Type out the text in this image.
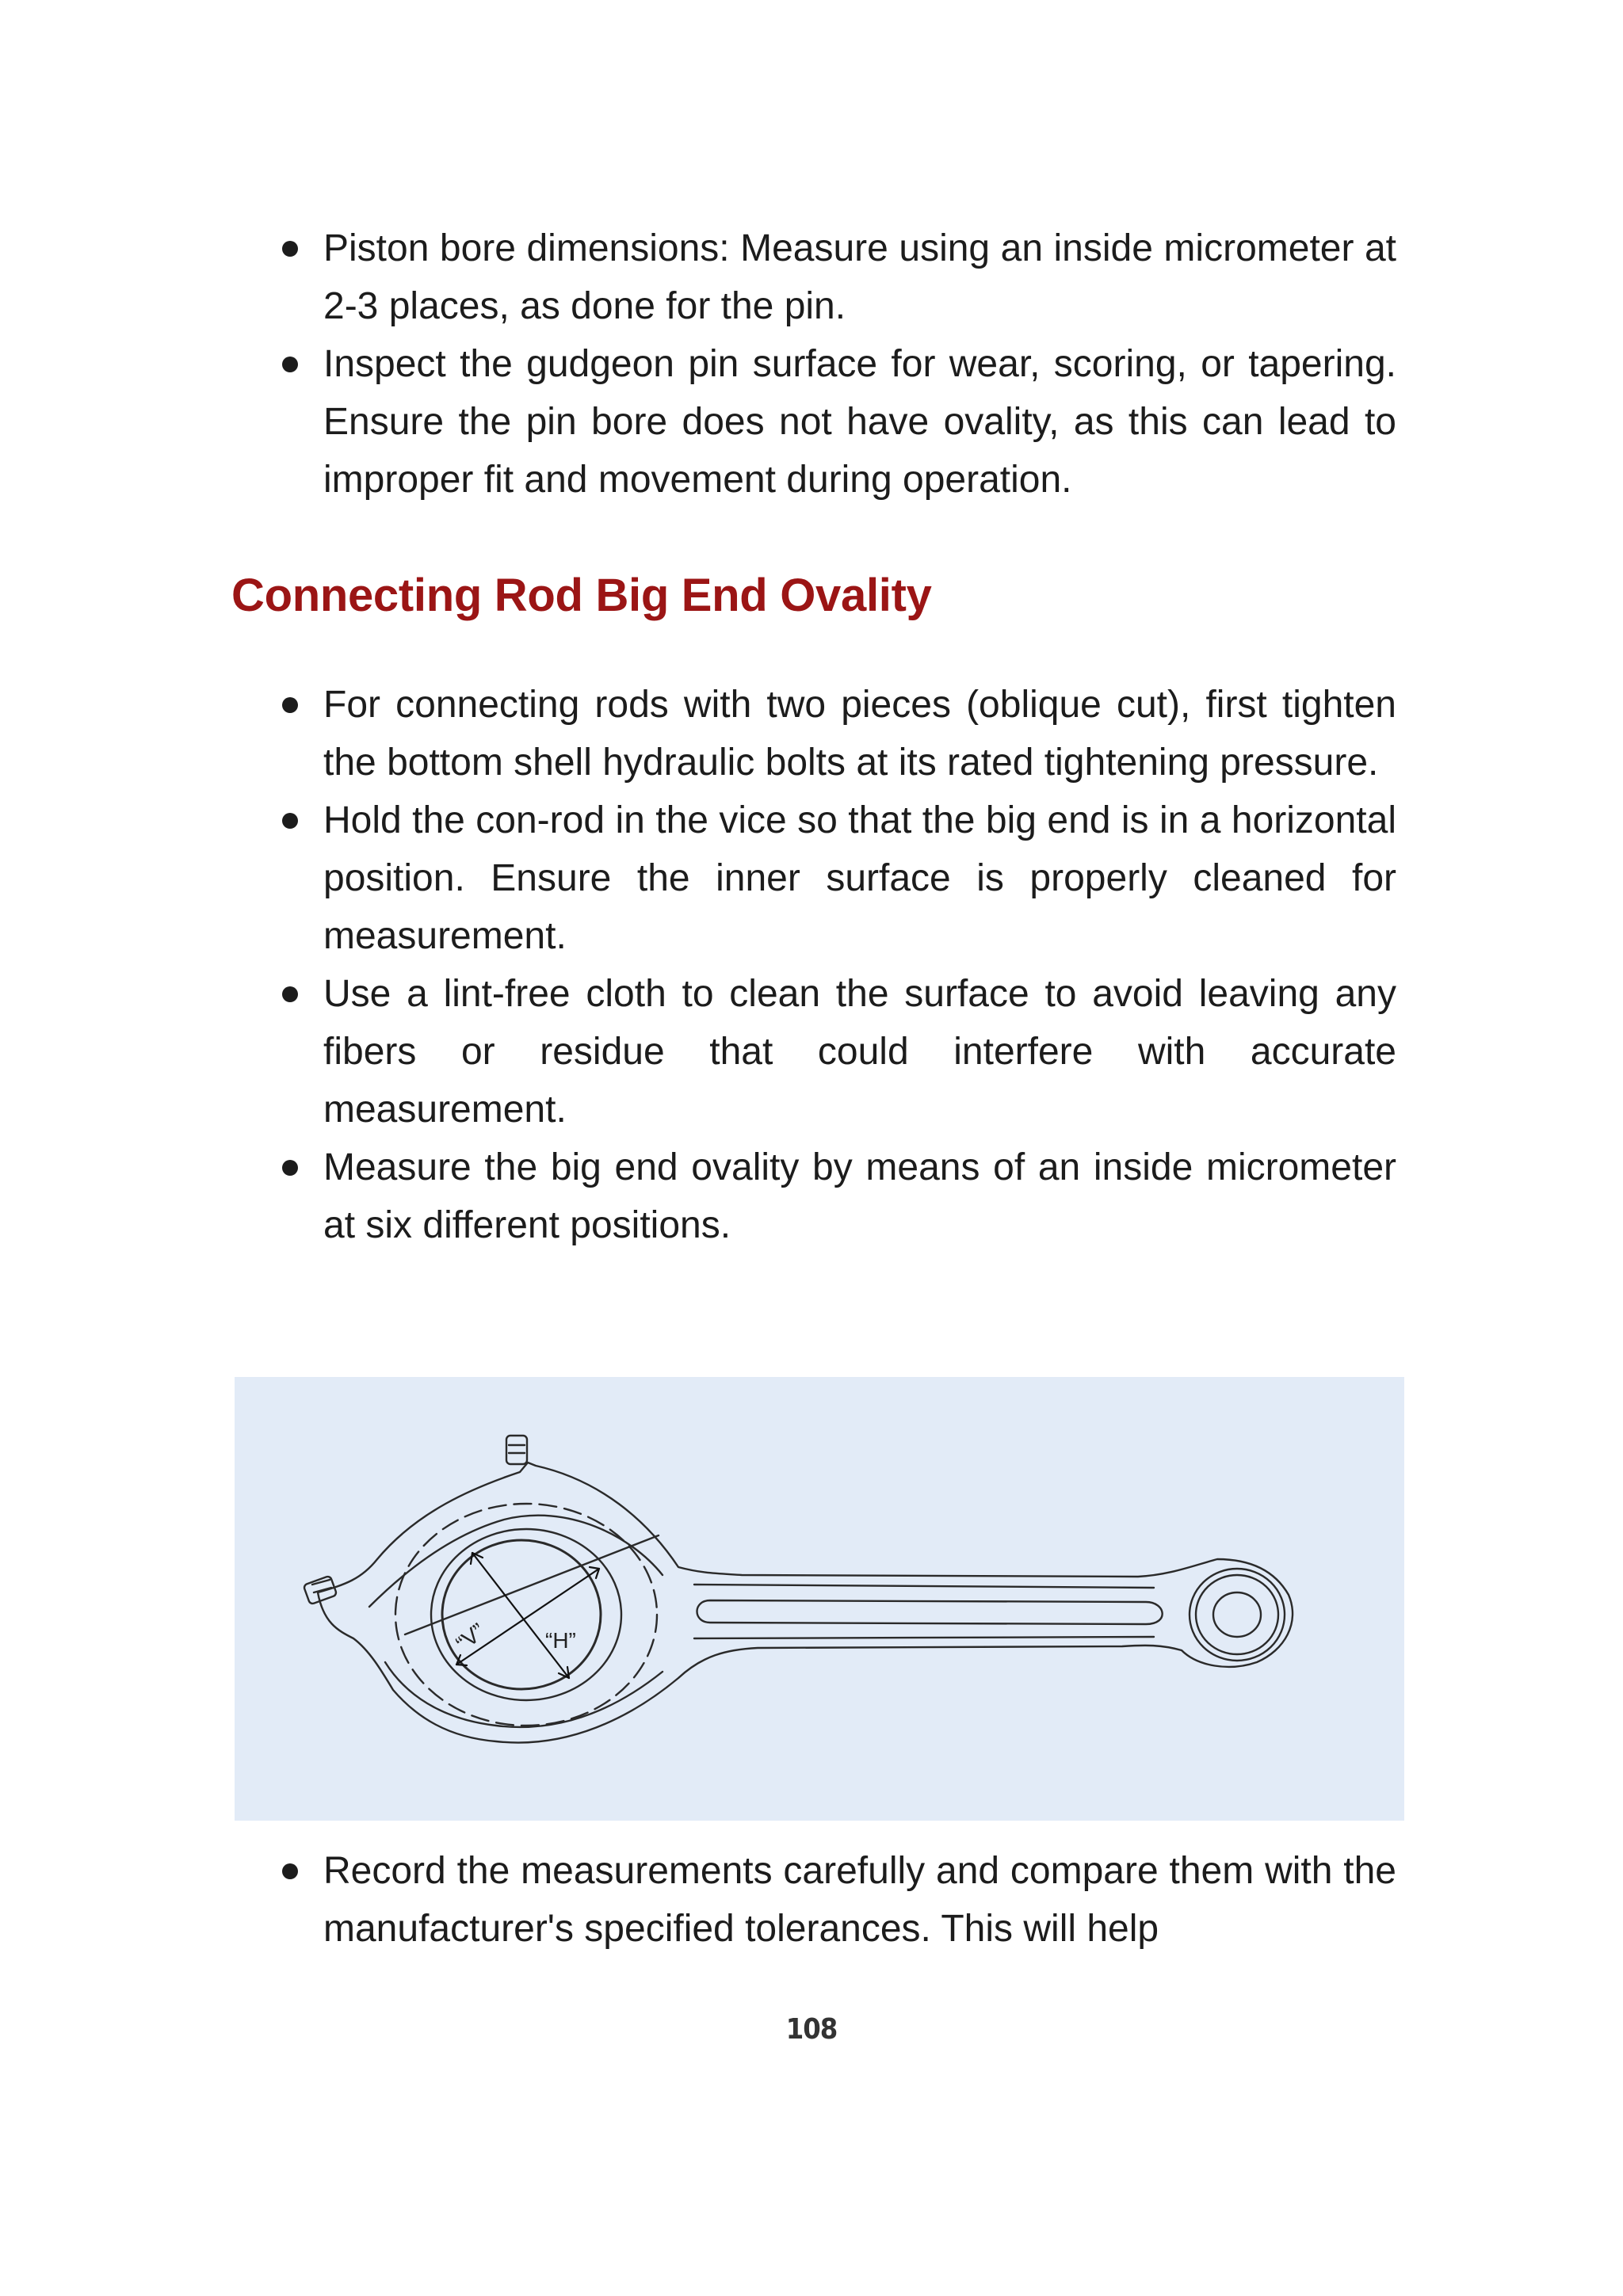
Piston bore dimensions: Measure using an inside micrometer at 2-3 places, as done for the pin.
Inspect the gudgeon pin surface for wear, scoring, or tapering. Ensure the pin bore does not have ovality, as this can lead to improper fit and movement during operation.
Connecting Rod Big End Ovality
For connecting rods with two pieces (oblique cut), first tighten the bottom shell hydraulic bolts at its rated tightening pressure.
Hold the con-rod in the vice so that the big end is in a horizontal position. Ensure the inner surface is properly cleaned for measurement.
Use a lint-free cloth to clean the surface to avoid leaving any fibers or residue that could interfere with accurate measurement.
Measure the big end ovality by means of an inside micrometer at six different positions.
“V”	“H”
Record the measurements carefully and compare them with the manufacturer's specified tolerances. This will help
108
